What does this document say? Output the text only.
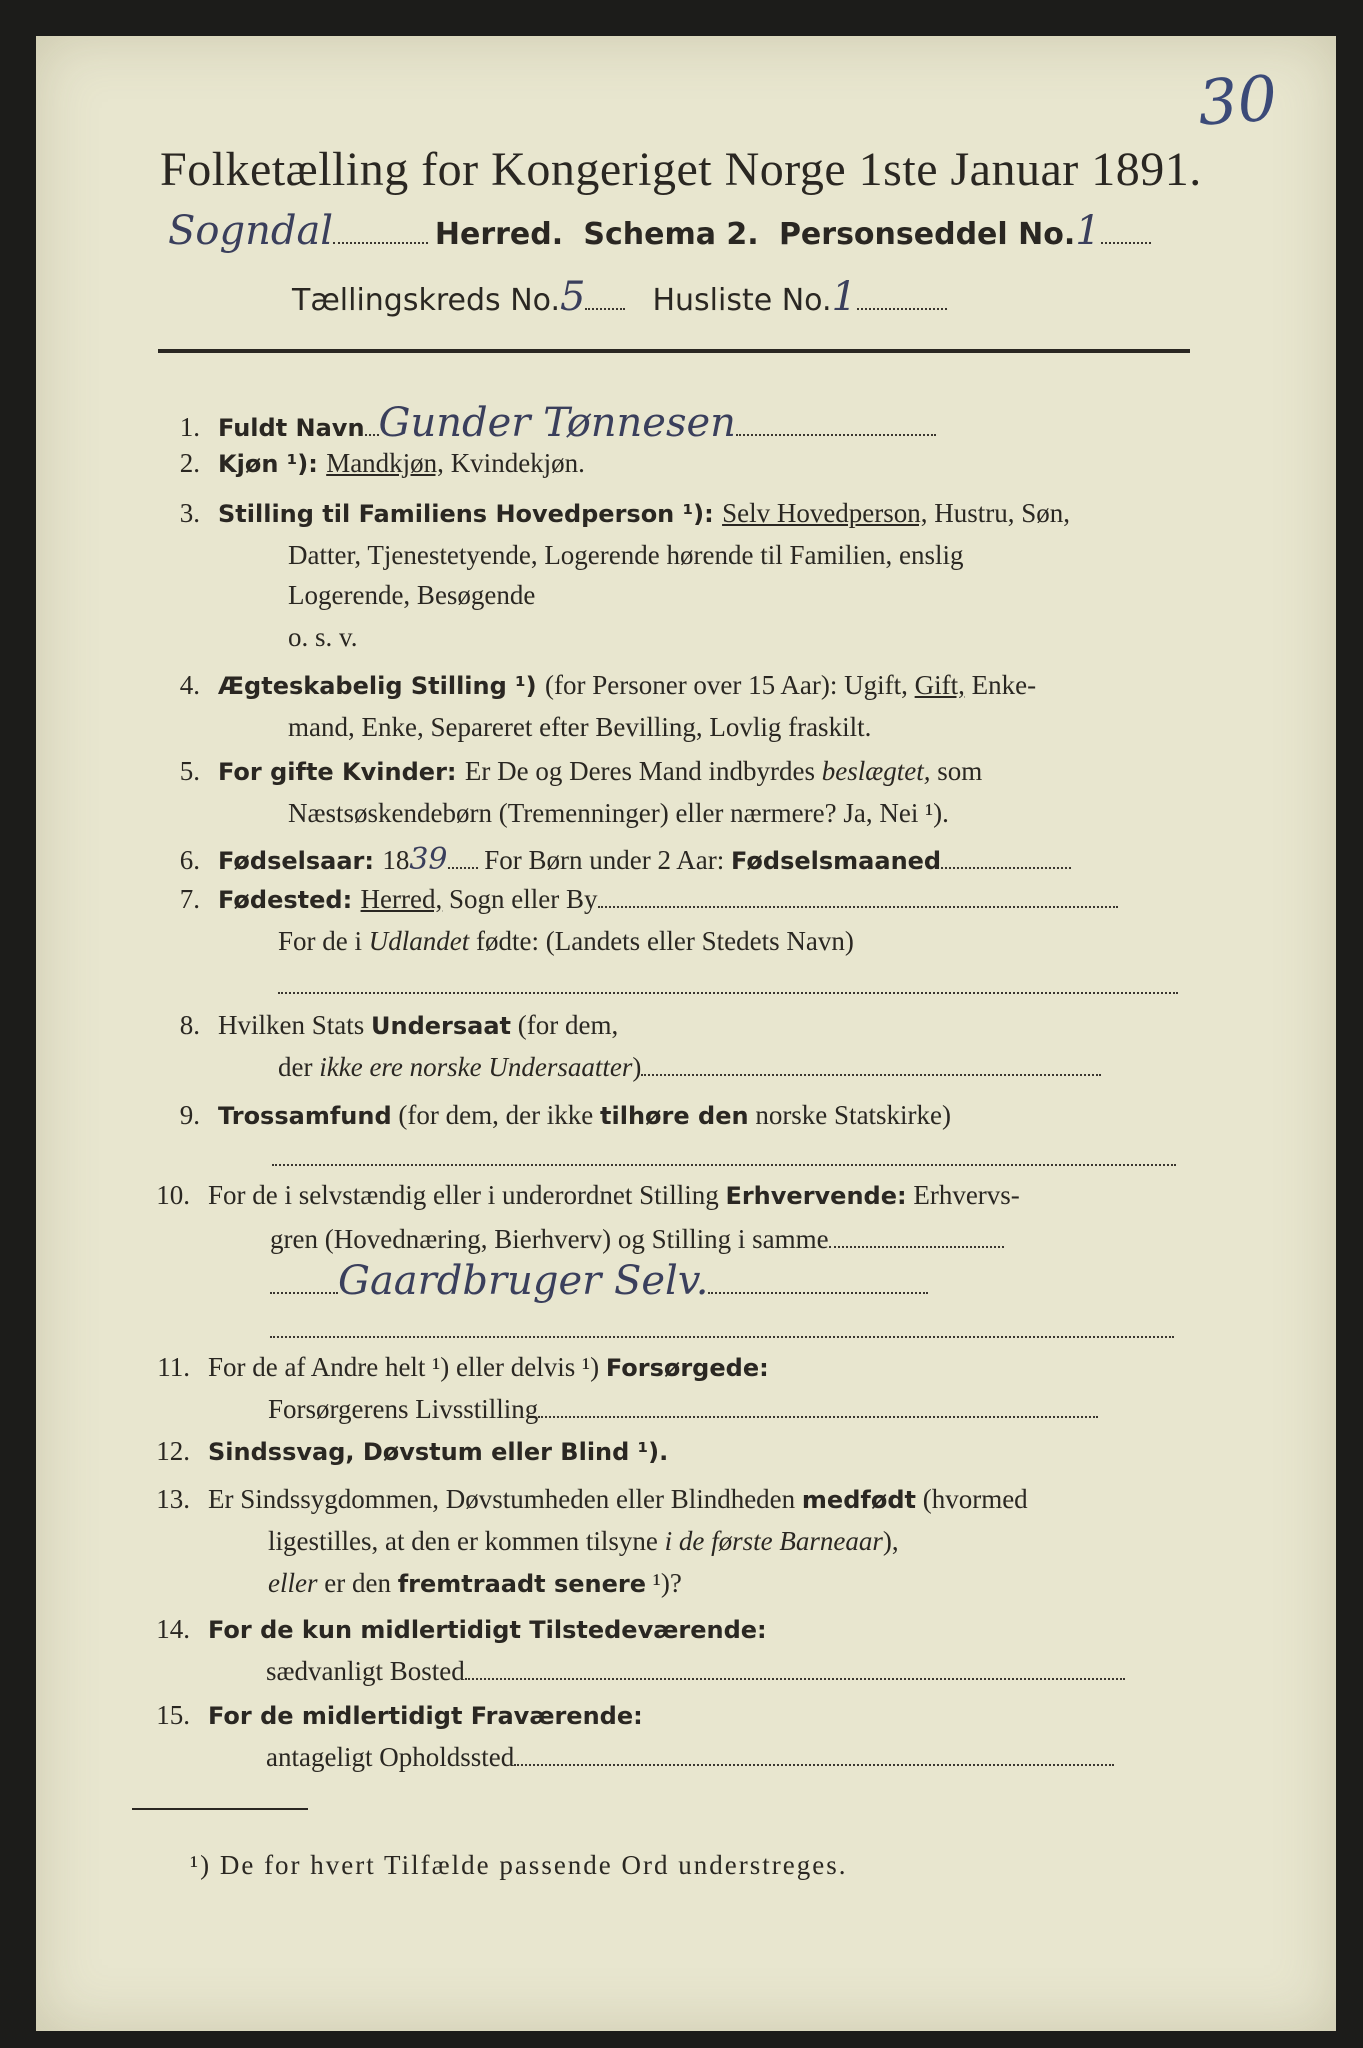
30
Folketælling for Kongeriget Norge 1ste Januar 1891.
Sogndal	Herred. Schema 2. Personseddel No.1
Tællingskreds No.5 Husliste No.1
1. Fuldt Navn Gunder Tønnesen
2. Kjøn ¹): Mandkjøn, Kvindekjøn.
3. Stilling til Familiens Hovedperson ¹): Selv Hovedperson, Hustru, Søn,
Datter, Tjenestetyende, Logerende hørende til Familien, enslig
Logerende, Besøgende
o. s. v.
4. Ægteskabelig Stilling ¹) (for Personer over 15 Aar): Ugift, Gift, Enke-
mand, Enke, Separeret efter Bevilling, Lovlig fraskilt.
5. For gifte Kvinder: Er De og Deres Mand indbyrdes beslægtet, som
Næstsøskendebørn (Tremenninger) eller nærmere? Ja, Nei ¹).
6. Fødselsaar: 1839 For Børn under 2 Aar: Fødselsmaaned
7. Fødested: Herred, Sogn eller By
For de i Udlandet fødte: (Landets eller Stedets Navn)
8. Hvilken Stats Undersaat (for dem,
der ikke ere norske Undersaatter)
9. Trossamfund (for dem, der ikke tilhøre den norske Statskirke)
10. For de i selvstændig eller i underordnet Stilling Erhvervende: Erhvervs-
gren (Hovednæring, Bierhverv) og Stilling i samme
Gaardbruger Selv.
11. For de af Andre helt ¹) eller delvis ¹) Forsørgede:
Forsørgerens Livsstilling
12. Sindssvag, Døvstum eller Blind ¹).
13. Er Sindssygdommen, Døvstumheden eller Blindheden medfødt (hvormed
ligestilles, at den er kommen tilsyne i de første Barneaar),
eller er den fremtraadt senere ¹)?
14. For de kun midlertidigt Tilstedeværende:
sædvanligt Bosted
15. For de midlertidigt Fraværende:
antageligt Opholdssted
¹) De for hvert Tilfælde passende Ord understreges.
